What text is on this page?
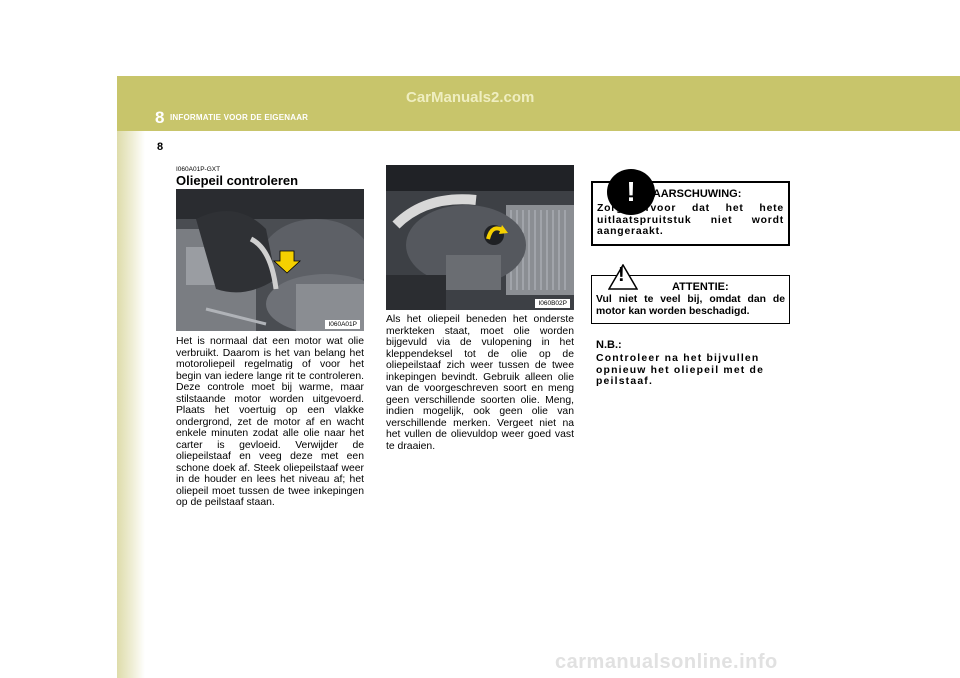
CarManuals2.com
8 INFORMATIE VOOR DE EIGENAAR
8
I060A01P-GXT
Oliepeil controleren
I060A01P
Het is normaal dat een motor wat olie verbruikt. Daarom is het van belang het motoroliepeil regelmatig of voor het begin van iedere lange rit te controleren. Deze controle moet bij warme, maar stilstaande motor worden uitgevoerd. Plaats het voertuig op een vlakke ondergrond, zet de motor af en wacht enkele minuten zodat alle olie naar het carter is gevloeid. Verwijder de oliepeilstaaf en veeg deze met een schone doek af. Steek oliepeilstaaf weer in de houder en lees het niveau af; het oliepeil moet tussen de twee inkepingen op de peilstaaf staan.
I060B02P
Als het oliepeil beneden het onderste merkteken staat, moet olie worden bijgevuld via de vulopening in het kleppendeksel tot de olie op de oliepeilstaaf zich weer tussen de twee inkepingen bevindt. Gebruik alleen olie van de voorgeschreven soort en meng geen verschillende soorten olie. Meng, indien mogelijk, ook geen olie van verschillende merken. Vergeet niet na het vullen de olievuldop weer goed vast te draaien.
! WAARSCHUWING:
Zorg ervoor dat het hete uitlaatspruitstuk niet wordt aangeraakt.
!
ATTENTIE:
Vul niet te veel bij, omdat dan de motor kan worden beschadigd.
N.B.:
Controleer na het bijvullen opnieuw het oliepeil met de peilstaaf.
carmanualsonline.info
